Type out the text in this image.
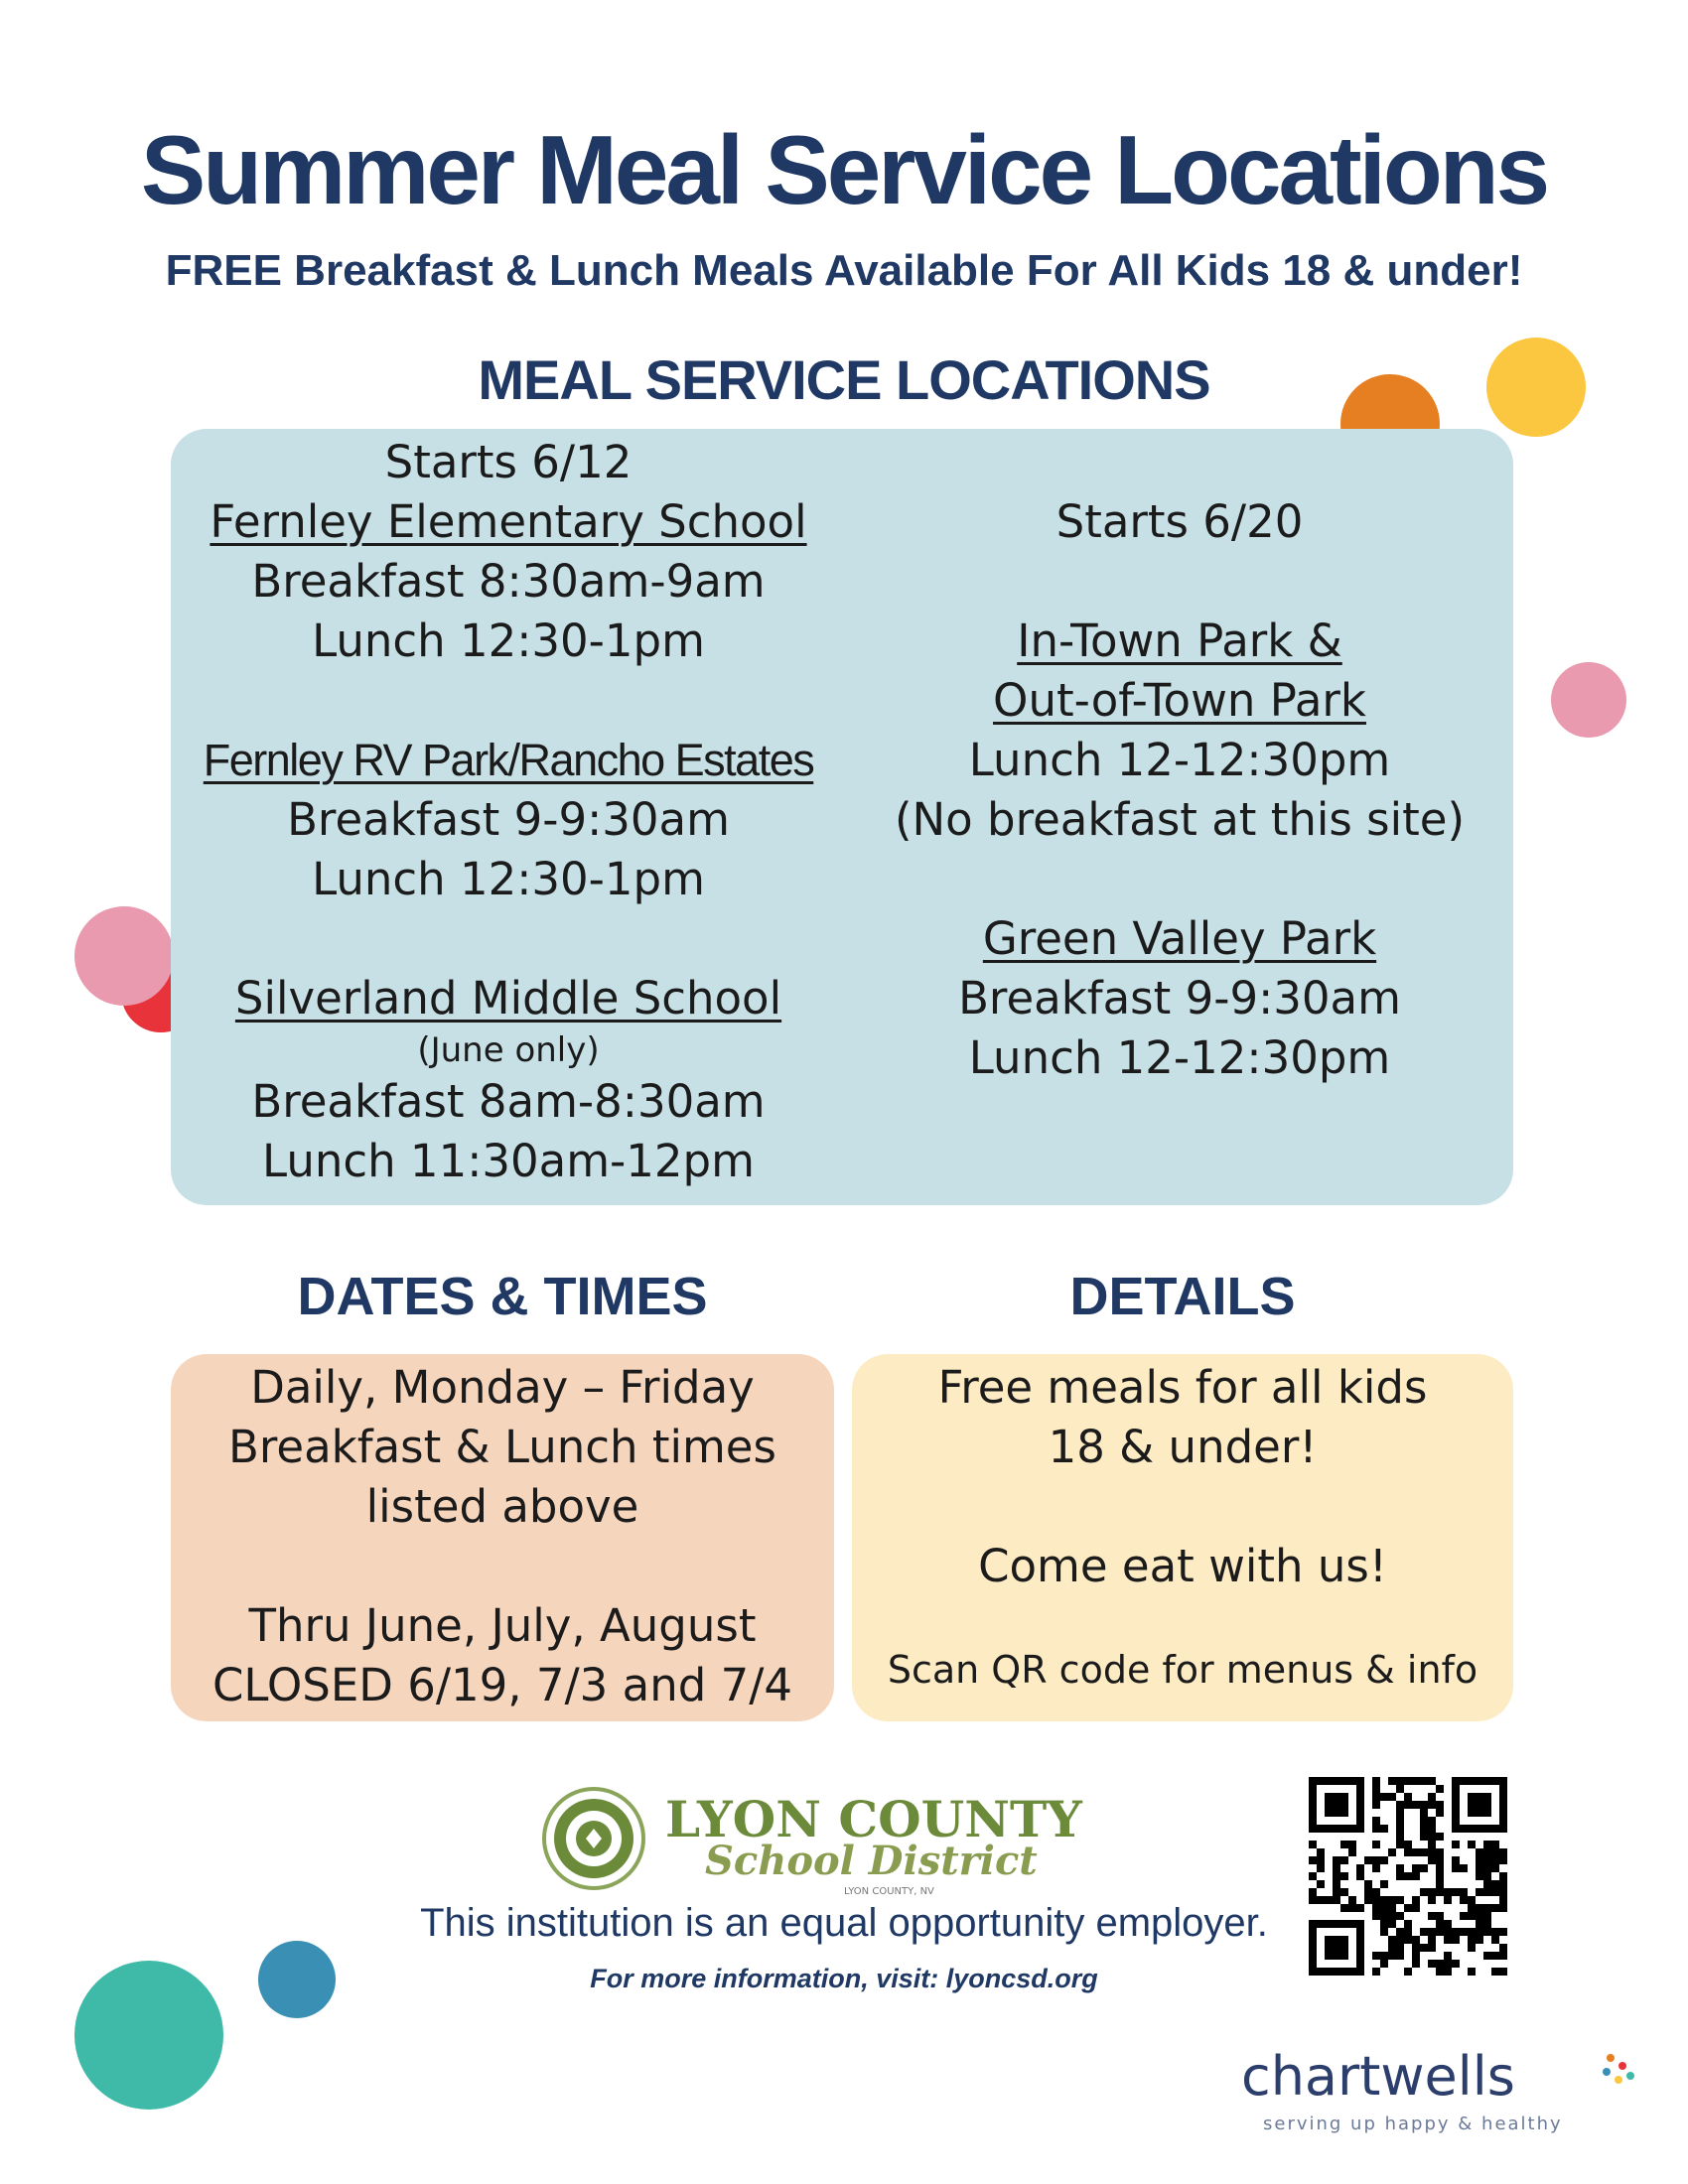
Summer Meal Service Locations
FREE Breakfast & Lunch Meals Available For All Kids 18 & under!
MEAL SERVICE LOCATIONS
Starts 6/12
Fernley Elementary School
Breakfast 8:30am-9am
Lunch 12:30-1pm
Fernley RV Park/Rancho Estates
Breakfast 9-9:30am
Lunch 12:30-1pm
Silverland Middle School
(June only)
Breakfast 8am-8:30am
Lunch 11:30am-12pm
Starts 6/20
In-Town Park &
Out-of-Town Park
Lunch 12-12:30pm
(No breakfast at this site)
Green Valley Park
Breakfast 9-9:30am
Lunch 12-12:30pm
DATES & TIMES	DETAILS
Daily, Monday – Friday
Breakfast & Lunch times
listed above
Thru June, July, August
CLOSED 6/19, 7/3 and 7/4
Free meals for all kids
18 & under!
Come eat with us!
Scan QR code for menus & info
LYON COUNTY
School District
LYON COUNTY, NV
This institution is an equal opportunity employer.
For more information, visit: lyoncsd.org
chartwells
serving up happy & healthy
